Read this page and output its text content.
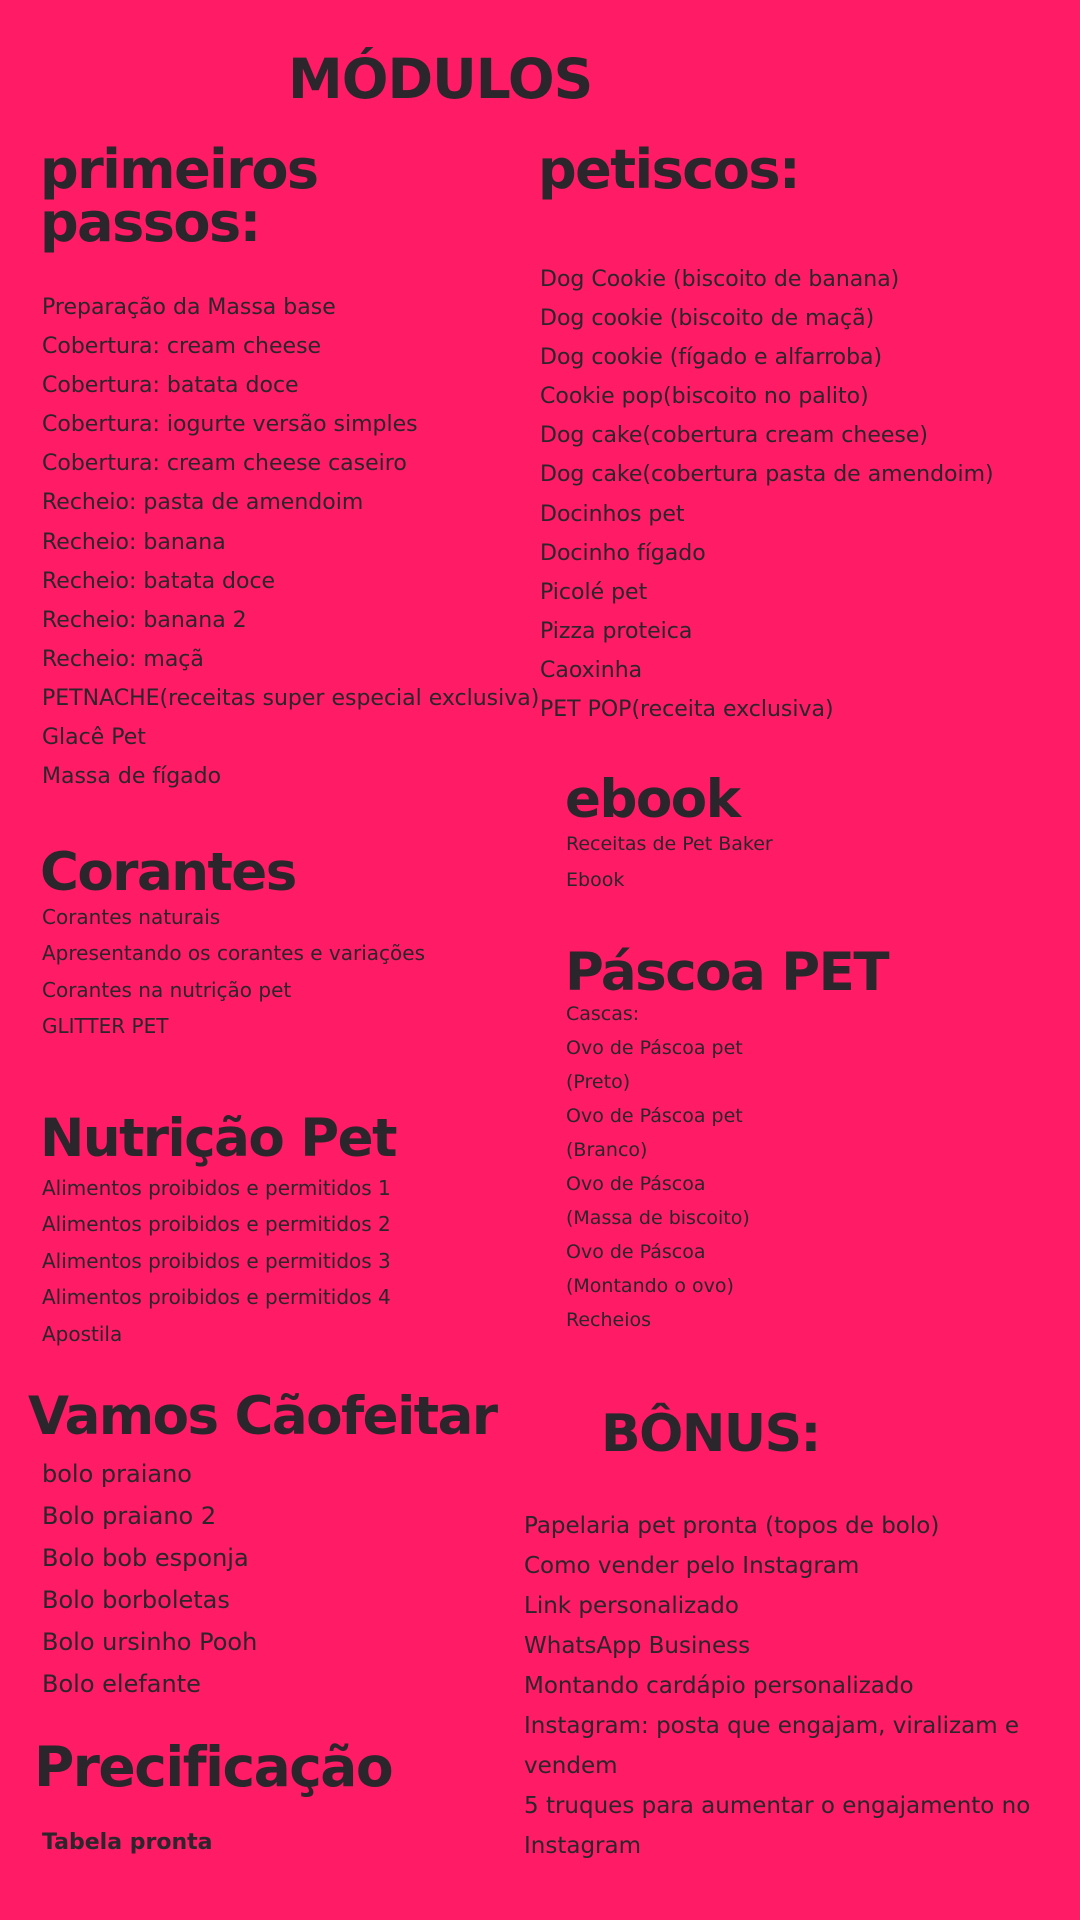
MÓDULOS
primeiros
passos:
Preparação da Massa base
Cobertura: cream cheese
Cobertura: batata doce
Cobertura: iogurte versão simples
Cobertura: cream cheese caseiro
Recheio: pasta de amendoim
Recheio: banana
Recheio: batata doce
Recheio: banana 2
Recheio: maçã
PETNACHE(receitas super especial exclusiva)
Glacê Pet
Massa de fígado
Corantes
Corantes naturais
Apresentando os corantes e variações
Corantes na nutrição pet
GLITTER PET
Nutrição Pet
Alimentos proibidos e permitidos 1
Alimentos proibidos e permitidos 2
Alimentos proibidos e permitidos 3
Alimentos proibidos e permitidos 4
Apostila
Vamos Cãofeitar
bolo praiano
Bolo praiano 2
Bolo bob esponja
Bolo borboletas
Bolo ursinho Pooh
Bolo elefante
Precificação
Tabela pronta
petiscos:
Dog Cookie (biscoito de banana)
Dog cookie (biscoito de maçã)
Dog cookie (fígado e alfarroba)
Cookie pop(biscoito no palito)
Dog cake(cobertura cream cheese)
Dog cake(cobertura pasta de amendoim)
Docinhos pet
Docinho fígado
Picolé pet
Pizza proteica
Caoxinha
PET POP(receita exclusiva)
ebook
Receitas de Pet Baker
Ebook
Páscoa PET
Cascas:
Ovo de Páscoa pet
(Preto)
Ovo de Páscoa pet
(Branco)
Ovo de Páscoa
(Massa de biscoito)
Ovo de Páscoa
(Montando o ovo)
Recheios
BÔNUS:
Papelaria pet pronta (topos de bolo)
Como vender pelo Instagram
Link personalizado
WhatsApp Business
Montando cardápio personalizado
Instagram: posta que engajam, viralizam e vendem
5 truques para aumentar o engajamento no Instagram
